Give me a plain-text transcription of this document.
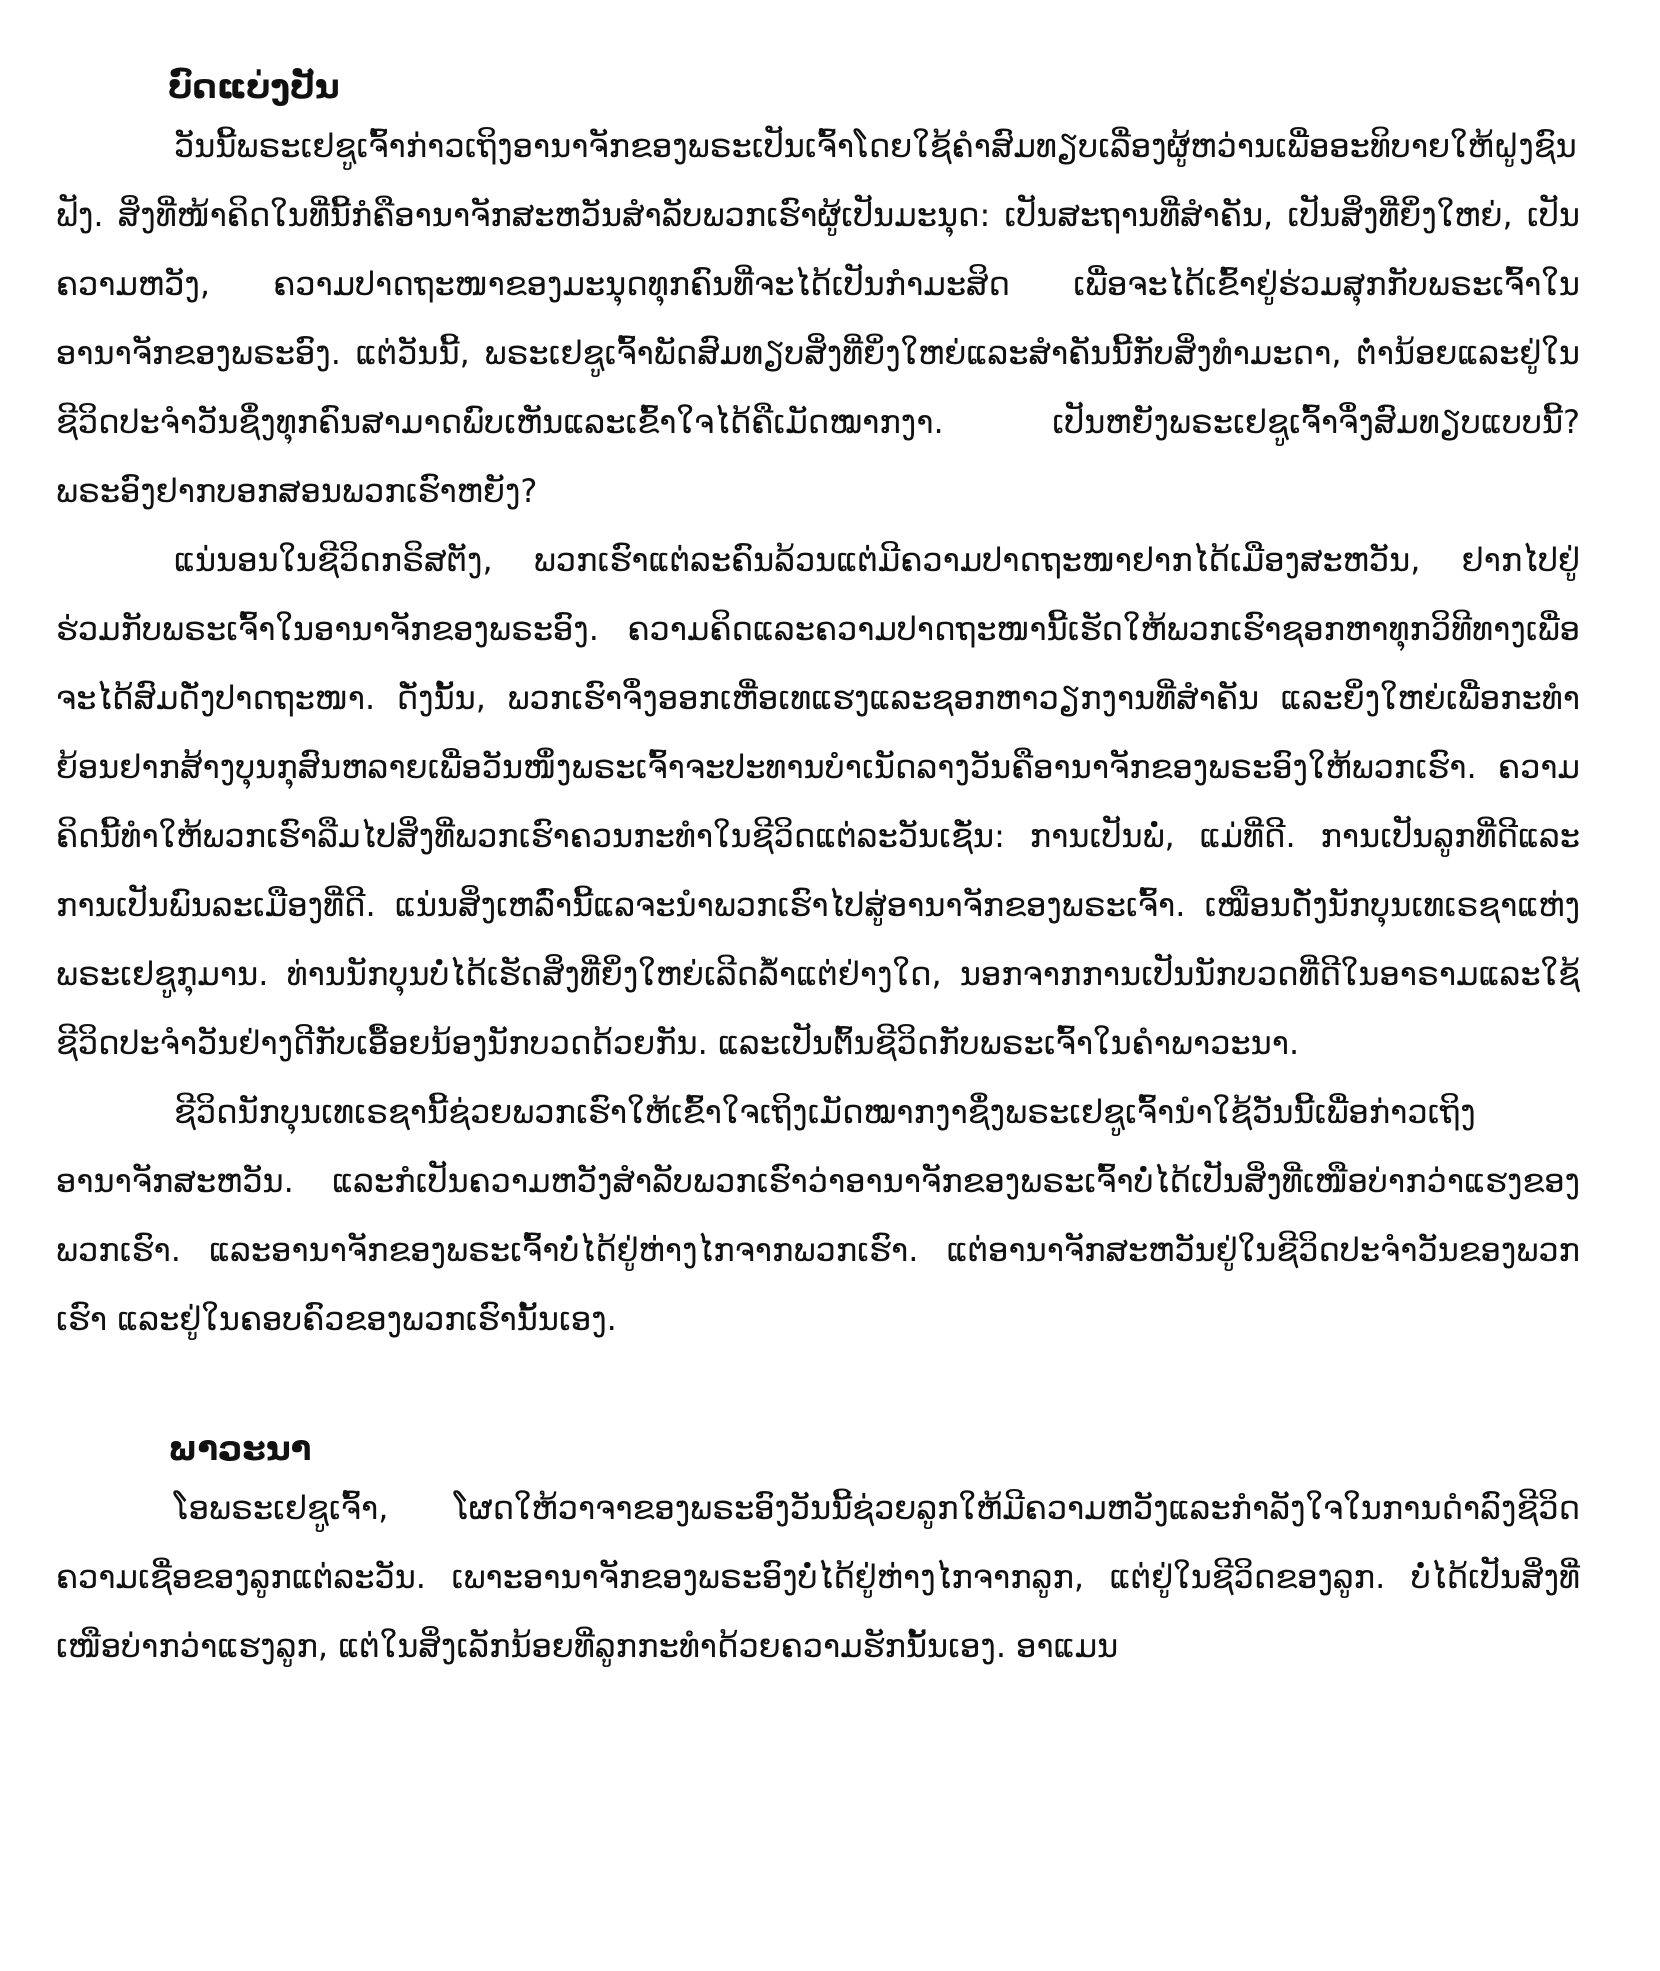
ບົດແບ່ງປັນ

ວັນນີ້ພຣະເຢຊູເຈົ້າກ່າວເຖິງອານາຈັກຂອງພຣະເປັນເຈົ້າໂດຍໃຊ້ຄຳສົມທຽບເລື່ອງຜູ້ຫວ່ານເພື່ອອະທິບາຍໃຫ້ຝູງຊົນຟັງ. ສິ່ງທີ່ໜ້າຄິດໃນທີ່ນີ້ກໍຄືອານາຈັກສະຫວັນສຳລັບພວກເຮົາຜູ້ເປັນມະນຸດ: ເປັນສະຖານທີ່ສຳຄັນ, ເປັນສິ່ງທີ່ຍິ່ງໃຫຍ່, ເປັນຄວາມຫວັງ, ຄວາມປາດຖະໜາຂອງມະນຸດທຸກຄົນທີ່ຈະໄດ້ເປັນກຳມະສິດ ເພື່ອຈະໄດ້ເຂົ້າຢູ່ຮ່ວມສຸກກັບພຣະເຈົ້າໃນອານາຈັກຂອງພຣະອົງ. ແຕ່ວັນນີ້, ພຣະເຢຊູເຈົ້າພັດສົມທຽບສິ່ງທີ່ຍິ່ງໃຫຍ່ແລະສຳຄັນນີ້ກັບສິ່ງທຳມະດາ, ຕ່ຳນ້ອຍແລະຢູ່ໃນຊີວິດປະຈຳວັນຊຶ່ງທຸກຄົນສາມາດພົບເຫັນແລະເຂົ້າໃຈໄດ້ຄືເມັດໝາກງາ. ເປັນຫຍັງພຣະເຢຊູເຈົ້າຈຶ່ງສົມທຽບແບບນີ້? ພຣະອົງຢາກບອກສອນພວກເຮົາຫຍັງ?

ແນ່ນອນໃນຊີວິດກຣິສຕັງ, ພວກເຮົາແຕ່ລະຄົນລ້ວນແຕ່ມີຄວາມປາດຖະໜາຢາກໄດ້ເມືອງສະຫວັນ, ຢາກໄປຢູ່ຮ່ວມກັບພຣະເຈົ້າໃນອານາຈັກຂອງພຣະອົງ. ຄວາມຄິດແລະຄວາມປາດຖະໜານີ້ເຮັດໃຫ້ພວກເຮົາຊອກຫາທຸກວິທີທາງເພື່ອຈະໄດ້ສົມດັ່ງປາດຖະໜາ. ດັ່ງນັ້ນ, ພວກເຮົາຈຶ່ງອອກເຫື່ອເທແຮງແລະຊອກຫາວຽກງານທີ່ສຳຄັນ ແລະຍິ່ງໃຫຍ່ເພື່ອກະທຳຍ້ອນຢາກສ້າງບຸນກຸສົນຫລາຍເພື່ອວັນໜຶ່ງພຣະເຈົ້າຈະປະທານບຳເນັດລາງວັນຄືອານາຈັກຂອງພຣະອົງໃຫ້ພວກເຮົາ. ຄວາມຄິດນີ້ທຳໃຫ້ພວກເຮົາລືມໄປສິ່ງທີ່ພວກເຮົາຄວນກະທຳໃນຊີວິດແຕ່ລະວັນເຊັ່ນ: ການເປັນພໍ່, ແມ່ທີ່ດີ. ການເປັນລູກທີ່ດີແລະການເປັນພົນລະເມືອງທີ່ດີ. ແນ່ນສິ່ງເຫລົ່ານີ້ແລຈະນຳພວກເຮົາໄປສູ່ອານາຈັກຂອງພຣະເຈົ້າ. ເໝືອນດັ່ງນັກບຸນເທເຣຊາແຫ່ງພຣະເຢຊູກຸມານ. ທ່ານນັກບຸນບໍ່ໄດ້ເຮັດສິ່ງທີ່ຍິ່ງໃຫຍ່ເລີດລ້ຳແຕ່ຢ່າງໃດ, ນອກຈາກການເປັນນັກບວດທີ່ດີໃນອາຣາມແລະໃຊ້ຊີວິດປະຈຳວັນຢ່າງດີກັບເອື້ອຍນ້ອງນັກບວດດ້ວຍກັນ. ແລະເປັນຕົ້ນຊີວິດກັບພຣະເຈົ້າໃນຄຳພາວະນາ.

ຊີວິດນັກບຸນເທເຣຊານີ້ຊ່ວຍພວກເຮົາໃຫ້ເຂົ້າໃຈເຖິງເມັດໝາກງາຊຶ່ງພຣະເຢຊູເຈົ້ານຳໃຊ້ວັນນີ້ເພື່ອກ່າວເຖິງອານາຈັກສະຫວັນ. ແລະກໍເປັນຄວາມຫວັງສຳລັບພວກເຮົາວ່າອານາຈັກຂອງພຣະເຈົ້າບໍ່ໄດ້ເປັນສິ່ງທີ່ເໜືອບ່າກວ່າແຮງຂອງພວກເຮົາ. ແລະອານາຈັກຂອງພຣະເຈົ້າບໍ່ໄດ້ຢູ່ຫ່າງໄກຈາກພວກເຮົາ. ແຕ່ອານາຈັກສະຫວັນຢູ່ໃນຊີວິດປະຈຳວັນຂອງພວກເຮົາ ແລະຢູ່ໃນຄອບຄົວຂອງພວກເຮົານັ້ນເອງ.

ພາວະນາ

ໂອພຣະເຢຊູເຈົ້າ, ໂຜດໃຫ້ວາຈາຂອງພຣະອົງວັນນີ້ຊ່ວຍລູກໃຫ້ມີຄວາມຫວັງແລະກຳລັງໃຈໃນການດຳລົງຊີວິດຄວາມເຊື່ອຂອງລູກແຕ່ລະວັນ. ເພາະອານາຈັກຂອງພຣະອົງບໍ່ໄດ້ຢູ່ຫ່າງໄກຈາກລູກ, ແຕ່ຢູ່ໃນຊີວິດຂອງລູກ. ບໍ່ໄດ້ເປັນສິ່ງທີ່ເໜືອບ່າກວ່າແຮງລູກ, ແຕ່ໃນສິ່ງເລັກນ້ອຍທີ່ລູກກະທຳດ້ວຍຄວາມຮັກນັ້ນເອງ. ອາແມນ
